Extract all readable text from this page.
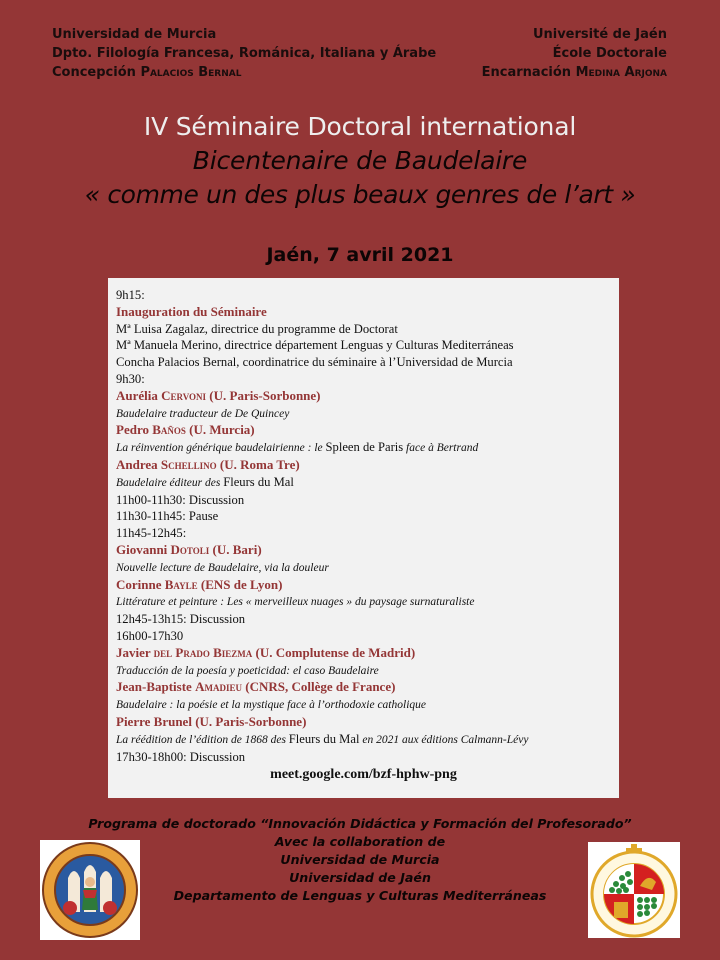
Universidad de Murcia
Dpto. Filología Francesa, Románica, Italiana y Árabe
Concepción Palacios Bernal
Université de Jaén
École Doctorale
Encarnación Medina Arjona
IV Séminaire Doctoral international
Bicentenaire de Baudelaire
« comme un des plus beaux genres de l’art »
Jaén, 7 avril 2021
9h15:
Inauguration du Séminaire
Mª Luisa Zagalaz, directrice du programme de Doctorat
Mª Manuela Merino, directrice département Lenguas y Culturas Mediterráneas
Concha Palacios Bernal, coordinatrice du séminaire à l’Universidad de Murcia
9h30:
Aurélia Cervoni (U. Paris-Sorbonne)
Baudelaire traducteur de De Quincey
Pedro Baños (U. Murcia)
La réinvention générique baudelairienne : le Spleen de Paris face à Bertrand
Andrea Schellino (U. Roma Tre)
Baudelaire éditeur des Fleurs du Mal
11h00-11h30: Discussion
11h30-11h45: Pause
11h45-12h45:
Giovanni Dotoli (U. Bari)
Nouvelle lecture de Baudelaire, via la douleur
Corinne Bayle (ENS de Lyon)
Littérature et peinture : Les « merveilleux nuages » du paysage surnaturaliste
12h45-13h15: Discussion
16h00-17h30
Javier del Prado Biezma (U. Complutense de Madrid)
Traducción de la poesía y poeticidad: el caso Baudelaire
Jean-Baptiste Amadieu (CNRS, Collège de France)
Baudelaire : la poésie et la mystique face à l’orthodoxie catholique
Pierre Brunel (U. Paris-Sorbonne)
La réédition de l’édition de 1868 des Fleurs du Mal en 2021 aux éditions Calmann-Lévy
17h30-18h00: Discussion
meet.google.com/bzf-hphw-png
Programa de doctorado “Innovación Didáctica y Formación del Profesorado”
Avec la collaboration de
Universidad de Murcia
Universidad de Jaén
Departamento de Lenguas y Culturas Mediterráneas
